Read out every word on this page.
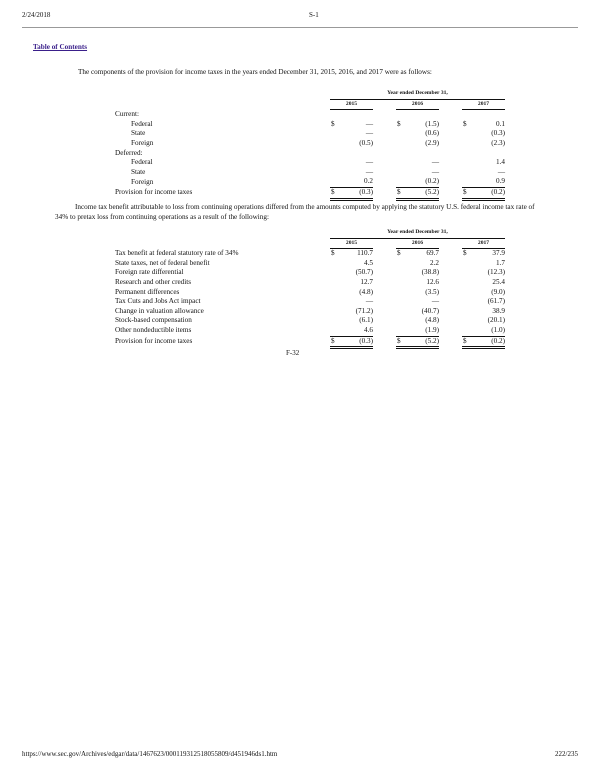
2/24/2018	S-1
Table of Contents
The components of the provision for income taxes in the years ended December 31, 2015, 2016, and 2017 were as follows:
	Year ended December 31,							
	2015			2016			2017	
Current:								
Federal	$	—		$	(1.5)		$	0.1
State		—			(0.6)			(0.3)
Foreign		(0.5)			(2.9)			(2.3)
Deferred:								
Federal		—			—			1.4
State		—			—			—
Foreign		0.2			(0.2)			0.9
Provision for income taxes	$	(0.3)		$	(5.2)		$	(0.2)
Income tax benefit attributable to loss from continuing operations differed from the amounts computed by applying the statutory U.S. federal income tax rate of 34% to pretax loss from continuing operations as a result of the following:
	Year ended December 31,							
	2015			2016			2017	
Tax benefit at federal statutory rate of 34%	$	110.7		$	69.7		$	37.9
State taxes, net of federal benefit		4.5			2.2			1.7
Foreign rate differential		(50.7)			(38.8)			(12.3)
Research and other credits		12.7			12.6			25.4
Permanent differences		(4.8)			(3.5)			(9.0)
Tax Cuts and Jobs Act impact		—			—			(61.7)
Change in valuation allowance		(71.2)			(40.7)			38.9
Stock-based compensation		(6.1)			(4.8)			(20.1)
Other nondeductible items		4.6			(1.9)			(1.0)
Provision for income taxes	$	(0.3)		$	(5.2)		$	(0.2)
F-32
https://www.sec.gov/Archives/edgar/data/1467623/000119312518055809/d451946ds1.htm	222/235
